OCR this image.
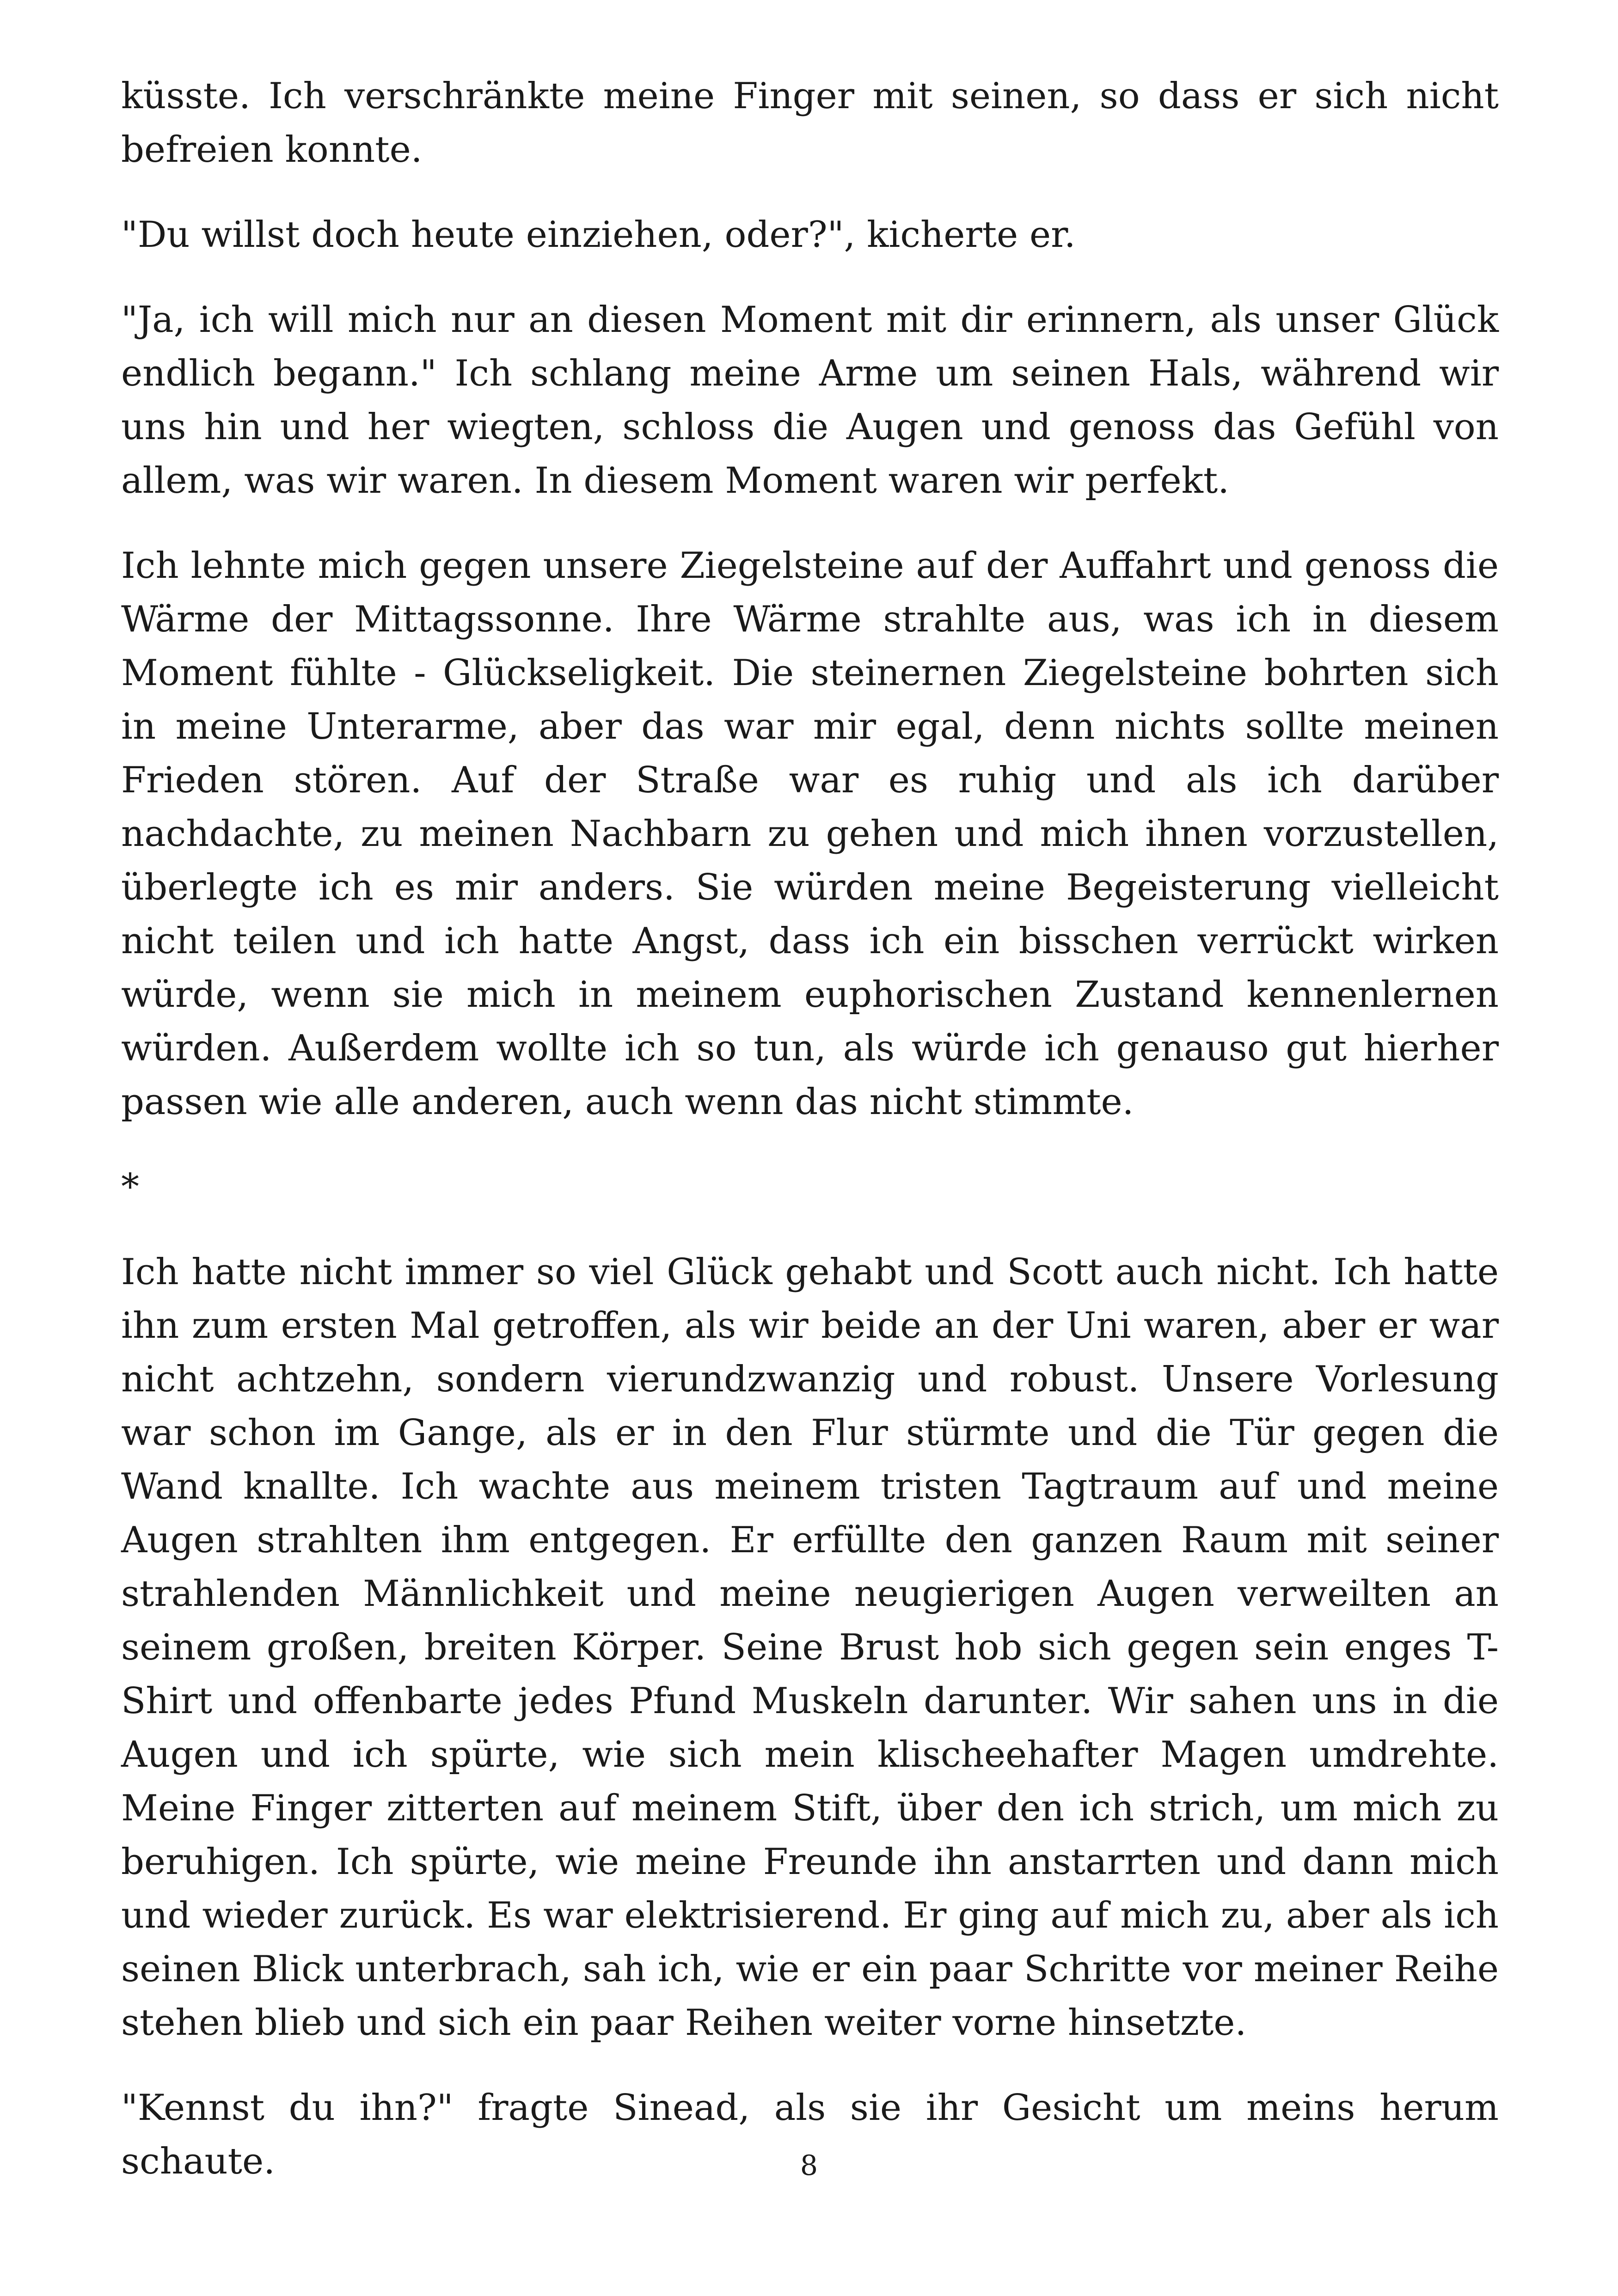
küsste. Ich verschränkte meine Finger mit seinen, so dass er sich nicht befreien konnte.

"Du willst doch heute einziehen, oder?", kicherte er.

"Ja, ich will mich nur an diesen Moment mit dir erinnern, als unser Glück endlich begann." Ich schlang meine Arme um seinen Hals, während wir uns hin und her wiegten, schloss die Augen und genoss das Gefühl von allem, was wir waren. In diesem Moment waren wir perfekt.

Ich lehnte mich gegen unsere Ziegelsteine auf der Auffahrt und genoss die Wärme der Mittagssonne. Ihre Wärme strahlte aus, was ich in diesem Moment fühlte - Glückseligkeit. Die steinernen Ziegelsteine bohrten sich in meine Unterarme, aber das war mir egal, denn nichts sollte meinen Frieden stören. Auf der Straße war es ruhig und als ich darüber nachdachte, zu meinen Nachbarn zu gehen und mich ihnen vorzustellen, überlegte ich es mir anders. Sie würden meine Begeisterung vielleicht nicht teilen und ich hatte Angst, dass ich ein bisschen verrückt wirken würde, wenn sie mich in meinem euphorischen Zustand kennenlernen würden. Außerdem wollte ich so tun, als würde ich genauso gut hierher passen wie alle anderen, auch wenn das nicht stimmte.

*

Ich hatte nicht immer so viel Glück gehabt und Scott auch nicht. Ich hatte ihn zum ersten Mal getroffen, als wir beide an der Uni waren, aber er war nicht achtzehn, sondern vierundzwanzig und robust. Unsere Vorlesung war schon im Gange, als er in den Flur stürmte und die Tür gegen die Wand knallte. Ich wachte aus meinem tristen Tagtraum auf und meine Augen strahlten ihm entgegen. Er erfüllte den ganzen Raum mit seiner strahlenden Männlichkeit und meine neugierigen Augen verweilten an seinem großen, breiten Körper. Seine Brust hob sich gegen sein enges T-Shirt und offenbarte jedes Pfund Muskeln darunter. Wir sahen uns in die Augen und ich spürte, wie sich mein klischeehafter Magen umdrehte. Meine Finger zitterten auf meinem Stift, über den ich strich, um mich zu beruhigen. Ich spürte, wie meine Freunde ihn anstarrten und dann mich und wieder zurück. Es war elektrisierend. Er ging auf mich zu, aber als ich seinen Blick unterbrach, sah ich, wie er ein paar Schritte vor meiner Reihe stehen blieb und sich ein paar Reihen weiter vorne hinsetzte.

"Kennst du ihn?" fragte Sinead, als sie ihr Gesicht um meins herum schaute.	8
